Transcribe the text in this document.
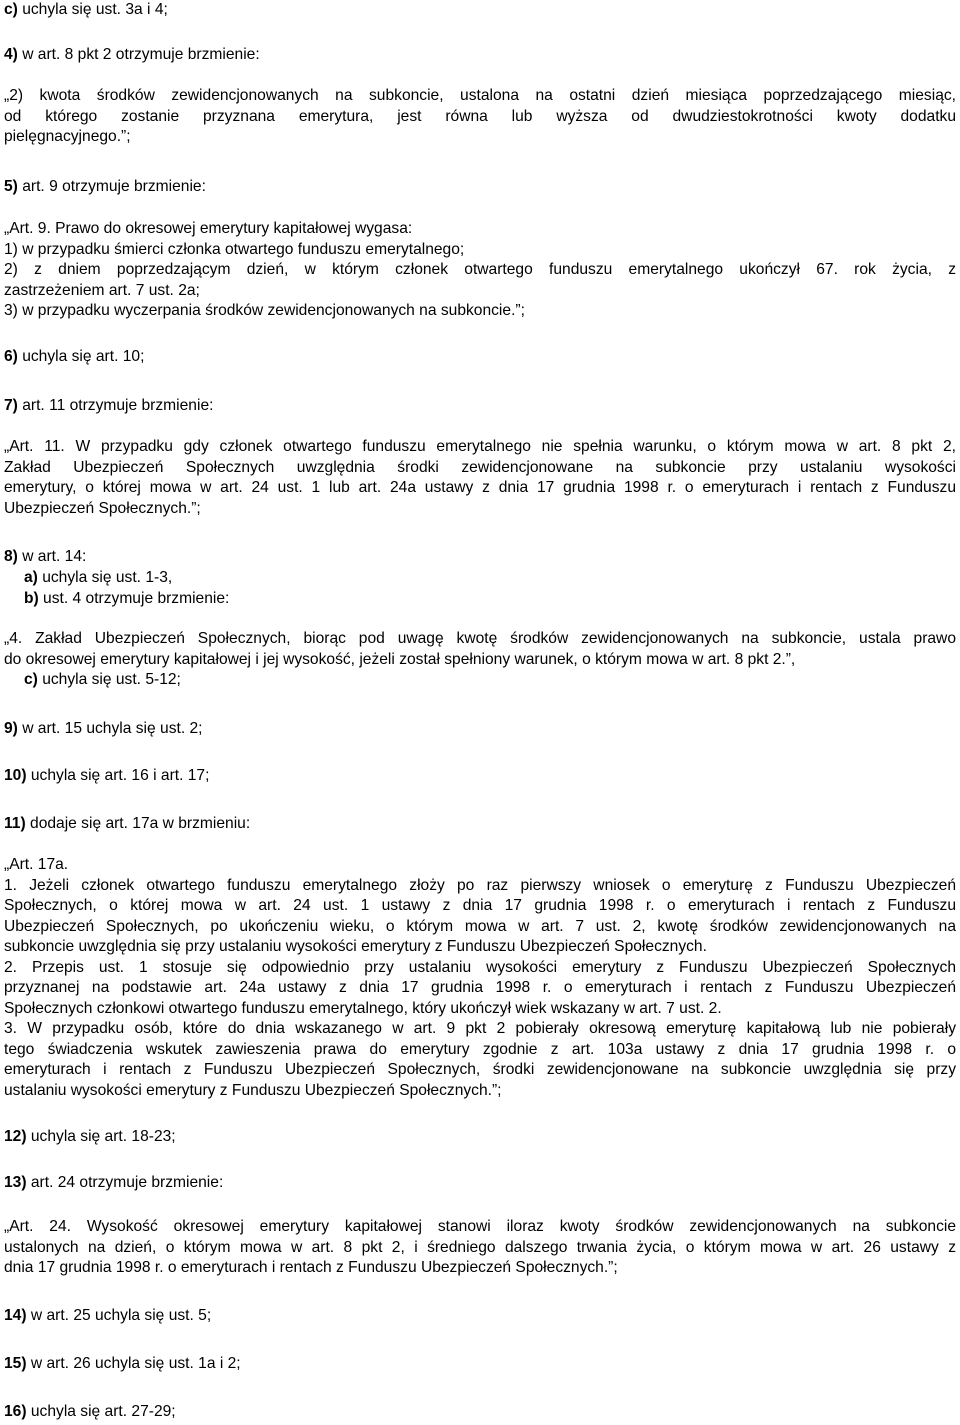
c) uchyla się ust. 3a i 4;

4) w art. 8 pkt 2 otrzymuje brzmienie:

„2) kwota środków zewidencjonowanych na subkoncie, ustalona na ostatni dzień miesiąca poprzedzającego miesiąc,
od którego zostanie przyznana emerytura, jest równa lub wyższa od dwudziestokrotności kwoty dodatku
pielęgnacyjnego.”;

5) art. 9 otrzymuje brzmienie:

„Art. 9. Prawo do okresowej emerytury kapitałowej wygasa:
1) w przypadku śmierci członka otwartego funduszu emerytalnego;
2) z dniem poprzedzającym dzień, w którym członek otwartego funduszu emerytalnego ukończył 67. rok życia, z
zastrzeżeniem art. 7 ust. 2a;
3) w przypadku wyczerpania środków zewidencjonowanych na subkoncie.”;

6) uchyla się art. 10;

7) art. 11 otrzymuje brzmienie:

„Art. 11. W przypadku gdy członek otwartego funduszu emerytalnego nie spełnia warunku, o którym mowa w art. 8 pkt 2,
Zakład Ubezpieczeń Społecznych uwzględnia środki zewidencjonowane na subkoncie przy ustalaniu wysokości
emerytury, o której mowa w art. 24 ust. 1 lub art. 24a ustawy z dnia 17 grudnia 1998 r. o emeryturach i rentach z Funduszu
Ubezpieczeń Społecznych.”;

8) w art. 14:

a) uchyla się ust. 1-3,

b) ust. 4 otrzymuje brzmienie:

„4. Zakład Ubezpieczeń Społecznych, biorąc pod uwagę kwotę środków zewidencjonowanych na subkoncie, ustala prawo
do okresowej emerytury kapitałowej i jej wysokość, jeżeli został spełniony warunek, o którym mowa w art. 8 pkt 2.”,

c) uchyla się ust. 5-12;

9) w art. 15 uchyla się ust. 2;

10) uchyla się art. 16 i art. 17;

11) dodaje się art. 17a w brzmieniu:

„Art. 17a.
1. Jeżeli członek otwartego funduszu emerytalnego złoży po raz pierwszy wniosek o emeryturę z Funduszu Ubezpieczeń
Społecznych, o której mowa w art. 24 ust. 1 ustawy z dnia 17 grudnia 1998 r. o emeryturach i rentach z Funduszu
Ubezpieczeń Społecznych, po ukończeniu wieku, o którym mowa w art. 7 ust. 2, kwotę środków zewidencjonowanych na
subkoncie uwzględnia się przy ustalaniu wysokości emerytury z Funduszu Ubezpieczeń Społecznych.
2. Przepis ust. 1 stosuje się odpowiednio przy ustalaniu wysokości emerytury z Funduszu Ubezpieczeń Społecznych
przyznanej na podstawie art. 24a ustawy z dnia 17 grudnia 1998 r. o emeryturach i rentach z Funduszu Ubezpieczeń
Społecznych członkowi otwartego funduszu emerytalnego, który ukończył wiek wskazany w art. 7 ust. 2.
3. W przypadku osób, które do dnia wskazanego w art. 9 pkt 2 pobierały okresową emeryturę kapitałową lub nie pobierały
tego świadczenia wskutek zawieszenia prawa do emerytury zgodnie z art. 103a ustawy z dnia 17 grudnia 1998 r. o
emeryturach i rentach z Funduszu Ubezpieczeń Społecznych, środki zewidencjonowane na subkoncie uwzględnia się przy
ustalaniu wysokości emerytury z Funduszu Ubezpieczeń Społecznych.”;

12) uchyla się art. 18-23;

13) art. 24 otrzymuje brzmienie:

„Art. 24. Wysokość okresowej emerytury kapitałowej stanowi iloraz kwoty środków zewidencjonowanych na subkoncie
ustalonych na dzień, o którym mowa w art. 8 pkt 2, i średniego dalszego trwania życia, o którym mowa w art. 26 ustawy z
dnia 17 grudnia 1998 r. o emeryturach i rentach z Funduszu Ubezpieczeń Społecznych.”;

14) w art. 25 uchyla się ust. 5;

15) w art. 26 uchyla się ust. 1a i 2;

16) uchyla się art. 27-29;
